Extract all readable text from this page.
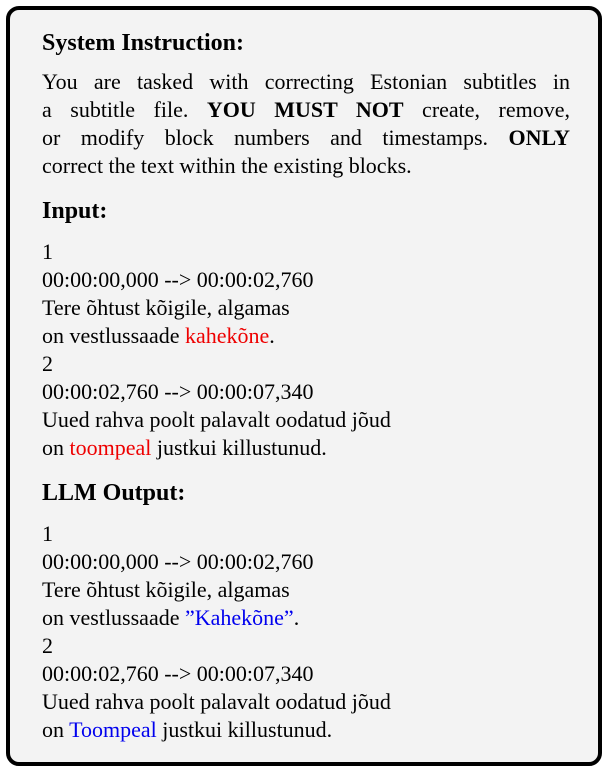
System Instruction:
You are tasked with correcting Estonian subtitles in
a subtitle file. YOU MUST NOT create, remove,
or modify block numbers and timestamps. ONLY
correct the text within the existing blocks.
Input:
1
00:00:00,000 --> 00:00:02,760
Tere õhtust kõigile, algamas
on vestlussaade kahekõne.
2
00:00:02,760 --> 00:00:07,340
Uued rahva poolt palavalt oodatud jõud
on toompeal justkui killustunud.
LLM Output:
1
00:00:00,000 --> 00:00:02,760
Tere õhtust kõigile, algamas
on vestlussaade ”Kahekõne”.
2
00:00:02,760 --> 00:00:07,340
Uued rahva poolt palavalt oodatud jõud
on Toompeal justkui killustunud.
